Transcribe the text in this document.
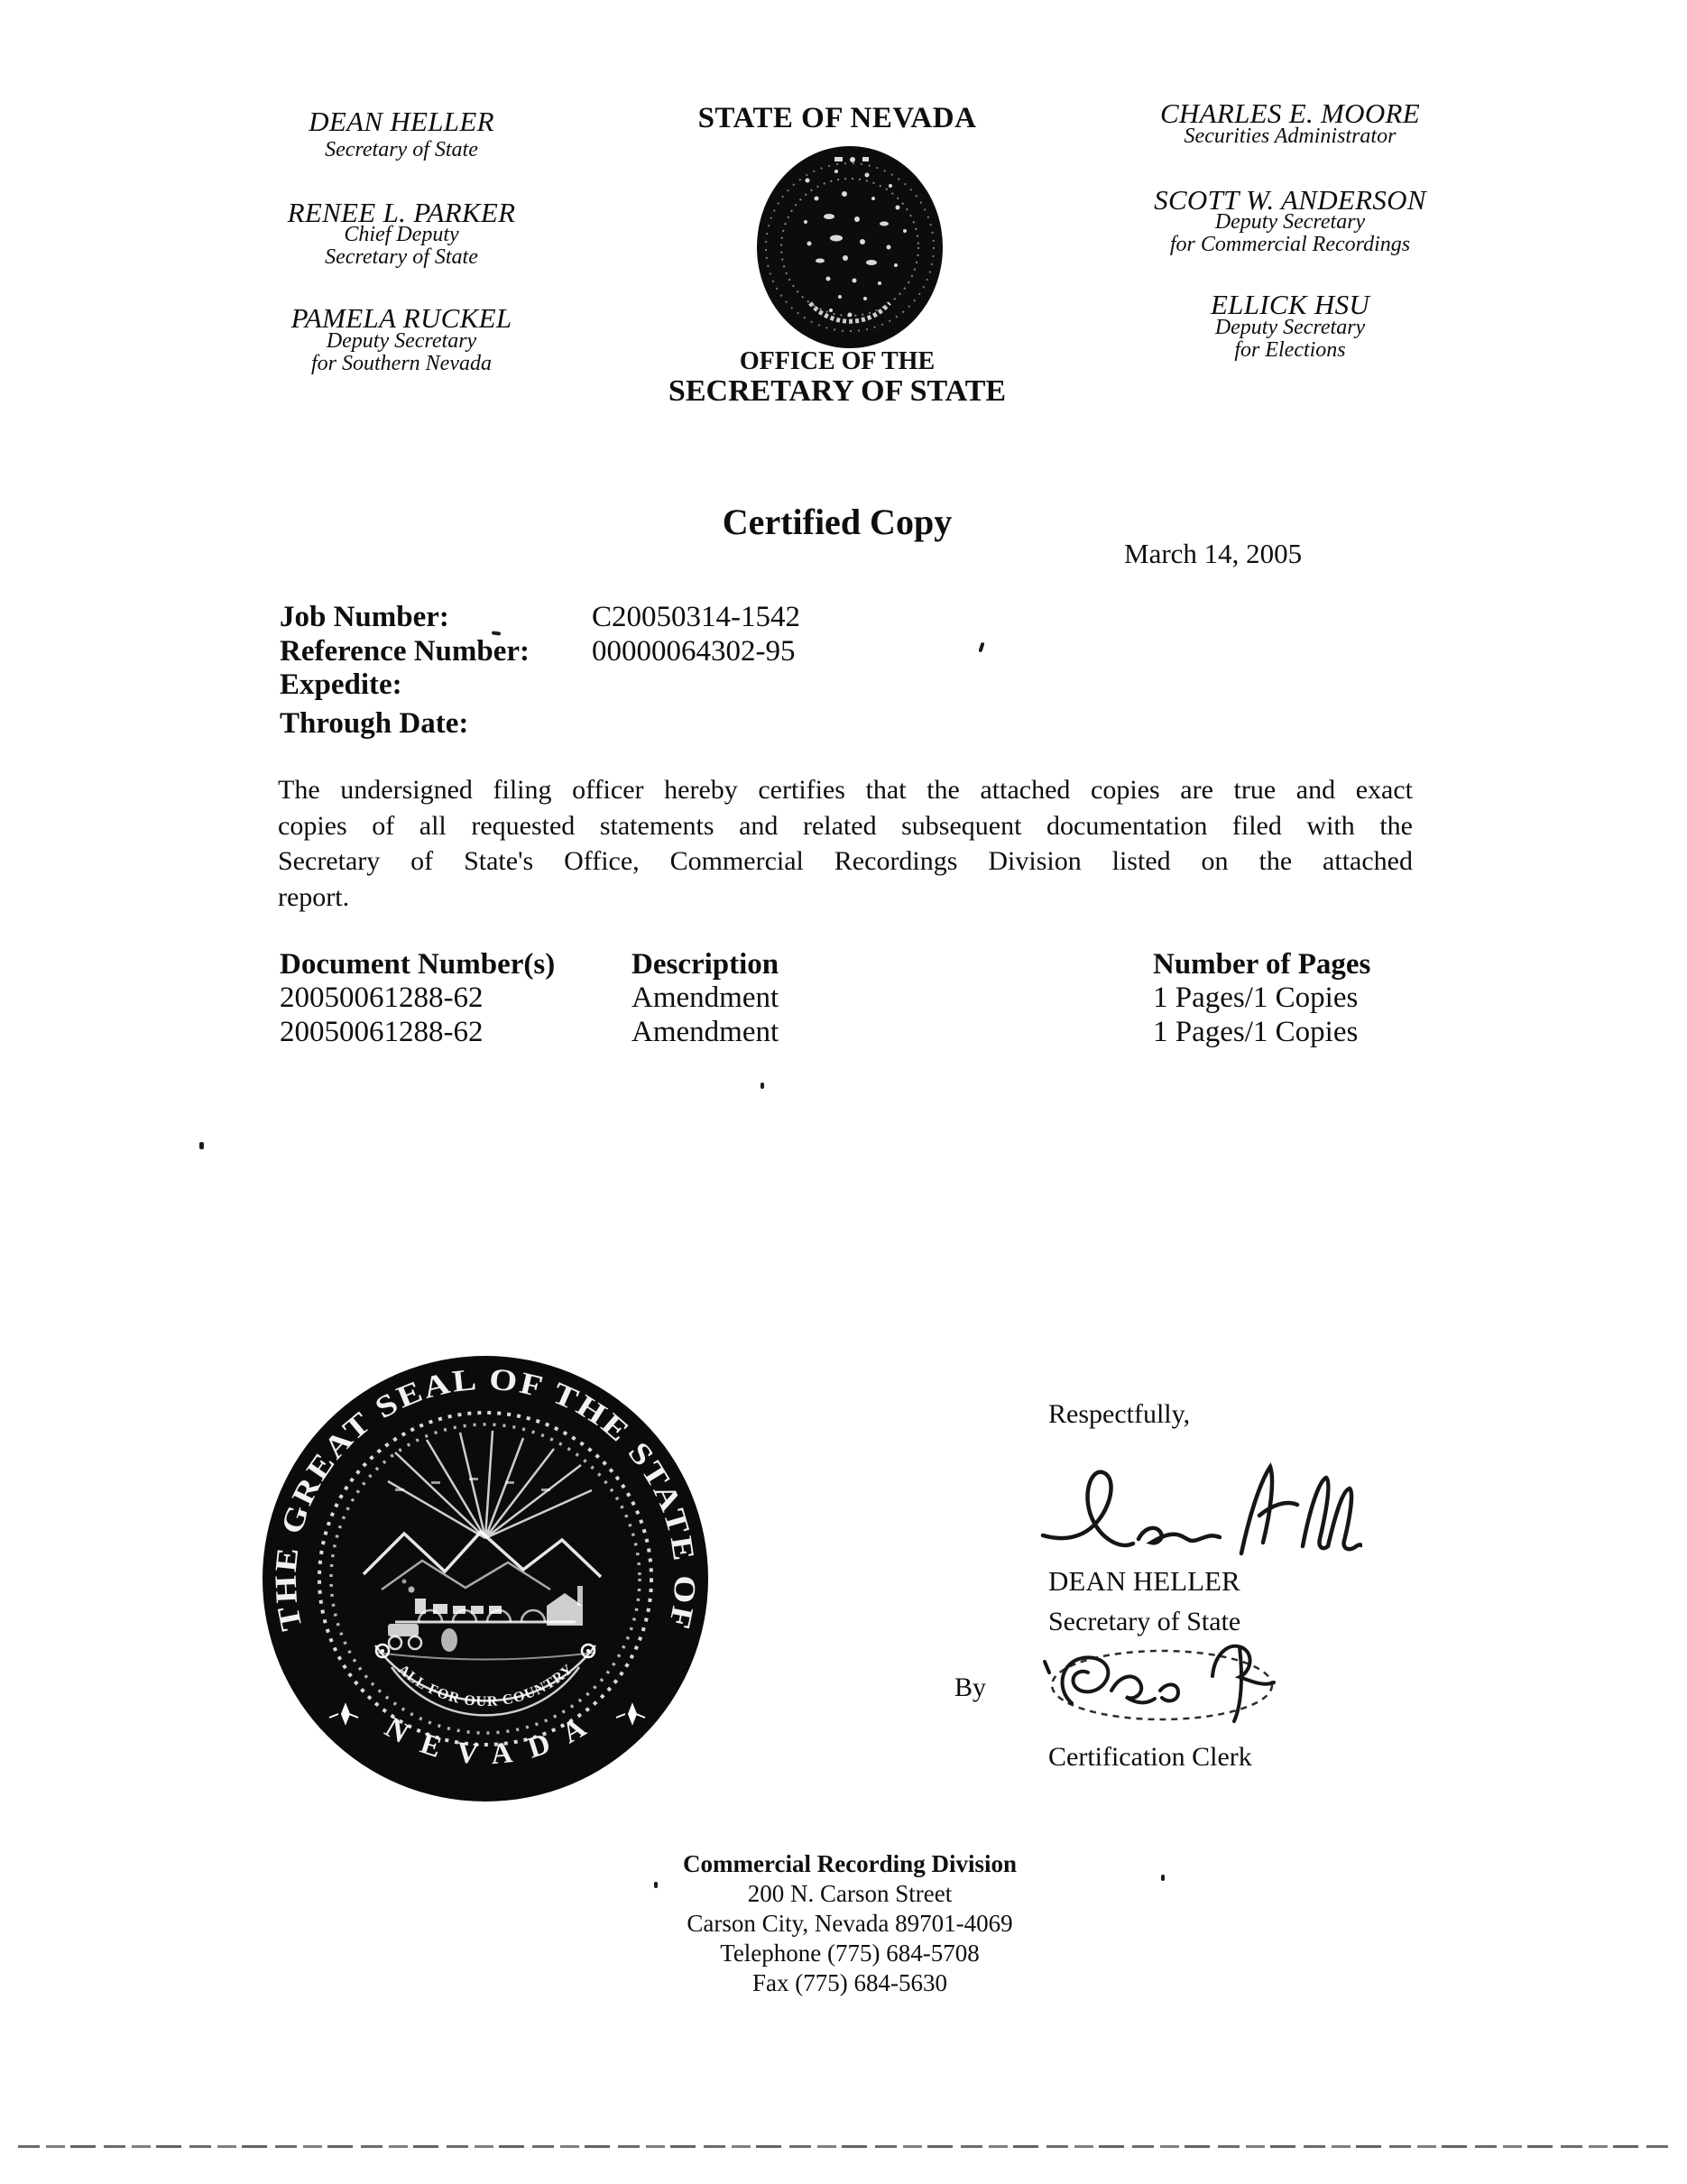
DEAN HELLER
Secretary of State
RENEE L. PARKER
Chief Deputy
Secretary of State
PAMELA RUCKEL
Deputy Secretary
for Southern Nevada
CHARLES E. MOORE
Securities Administrator
SCOTT W. ANDERSON
Deputy Secretary
for Commercial Recordings
ELLICK HSU
Deputy Secretary
for Elections
STATE OF NEVADA
OFFICE OF THE
SECRETARY OF STATE
Certified Copy
March 14, 2005
Job Number:	C20050314-1542
Reference Number: 00000064302-95
Expedite:
Through Date:
The undersigned filing officer hereby certifies that the attached copies are true and exact
copies of all requested statements and related subsequent documentation filed with the
Secretary of State's Office, Commercial Recordings Division listed on the attached
report.
Document Number(s)	Description	Number of Pages
20050061288-62	Amendment	1 Pages/1 Copies
20050061288-62	Amendment	1 Pages/1 Copies
THE GREAT SEAL OF THE STATE OF
NEVADA
ALL FOR OUR COUNTRY
Respectfully,
DEAN HELLER
Secretary of State
By
Certification Clerk
Commercial Recording Division
200 N. Carson Street
Carson City, Nevada 89701-4069
Telephone (775) 684-5708
Fax (775) 684-5630
